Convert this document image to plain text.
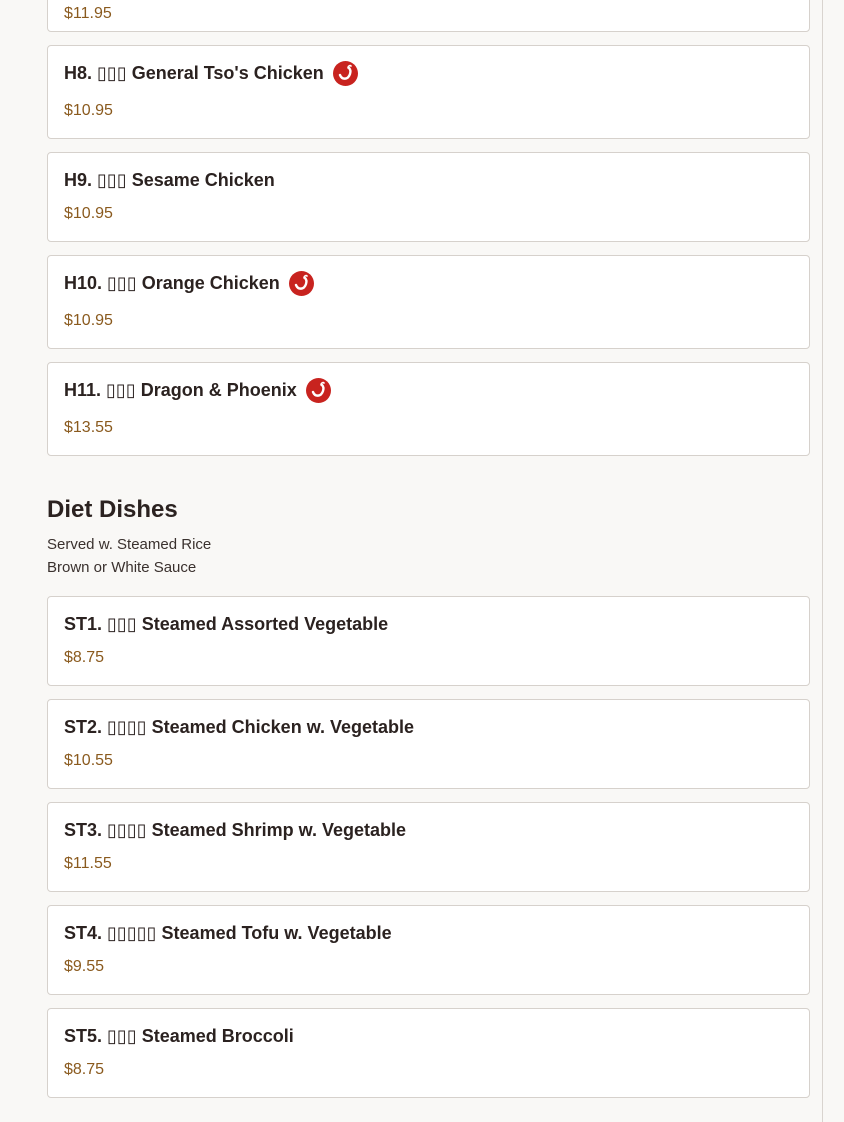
$11.95
H8. ▯▯▯ General Tso's Chicken
$10.95
H9. ▯▯▯ Sesame Chicken
$10.95
H10. ▯▯▯ Orange Chicken
$10.95
H11. ▯▯▯ Dragon & Phoenix
$13.55
Diet Dishes
Served w. Steamed Rice
Brown or White Sauce
ST1. ▯▯▯ Steamed Assorted Vegetable
$8.75
ST2. ▯▯▯▯ Steamed Chicken w. Vegetable
$10.55
ST3. ▯▯▯▯ Steamed Shrimp w. Vegetable
$11.55
ST4. ▯▯▯▯▯ Steamed Tofu w. Vegetable
$9.55
ST5. ▯▯▯ Steamed Broccoli
$8.75
